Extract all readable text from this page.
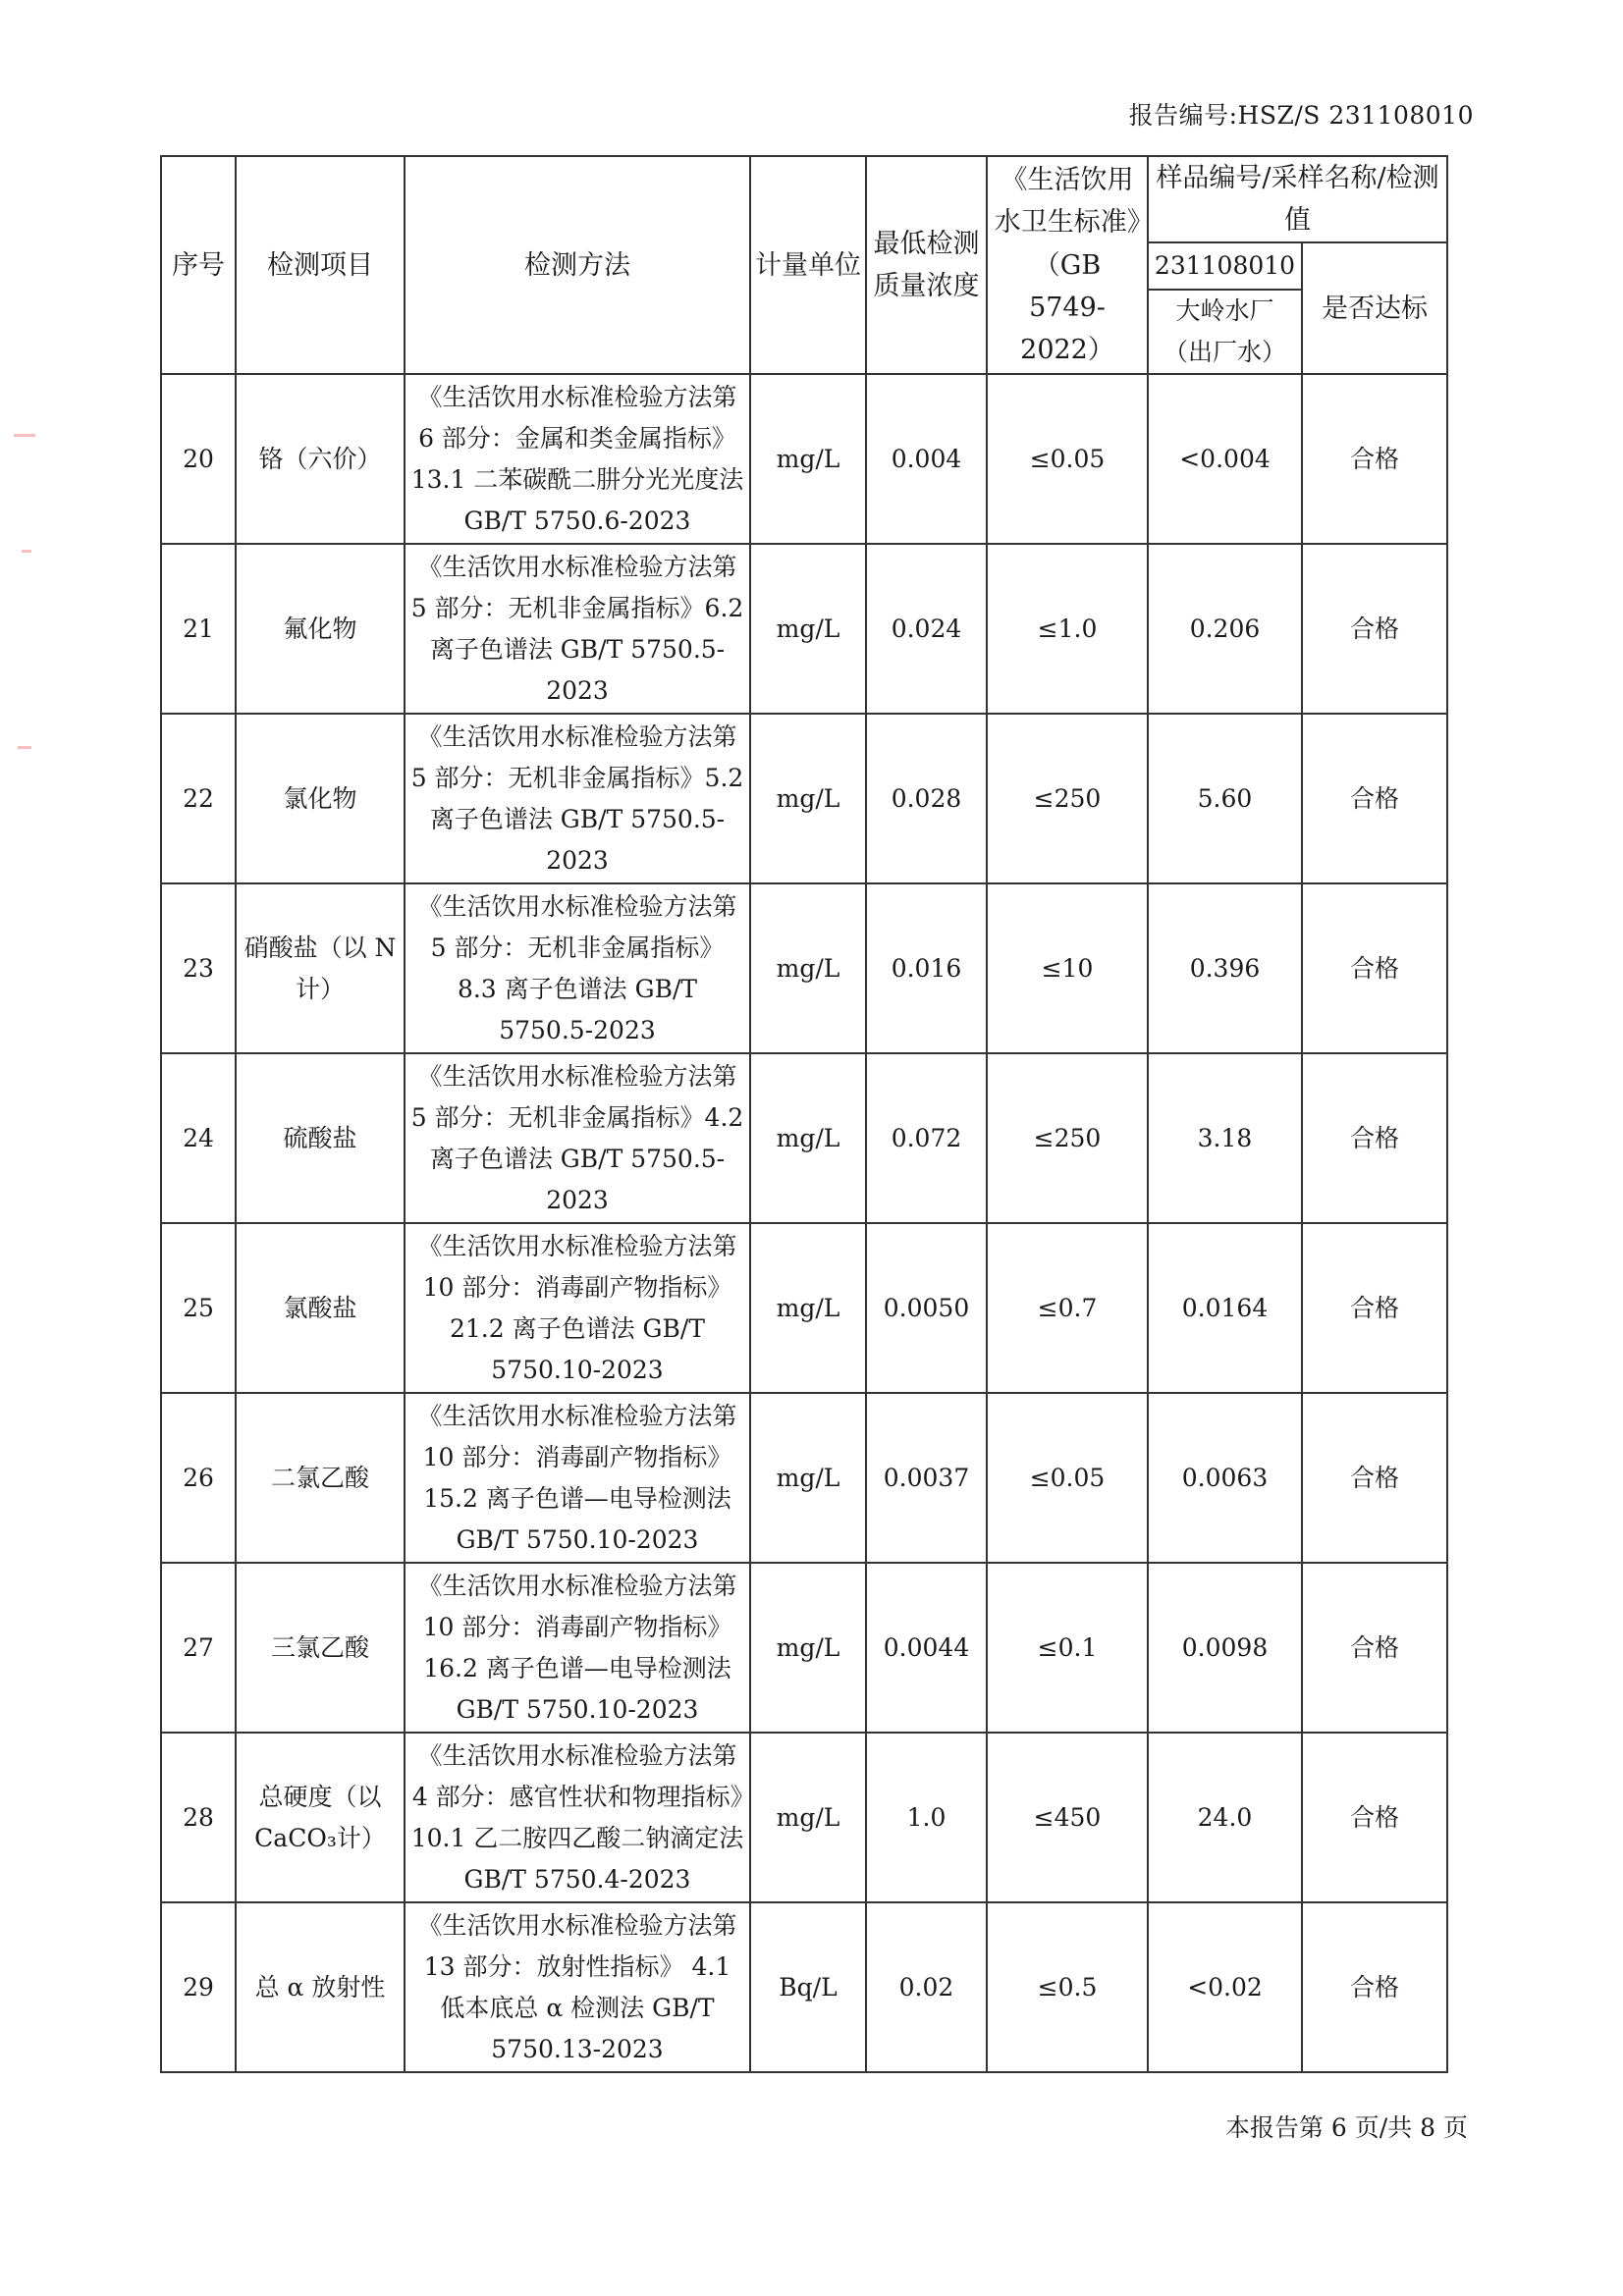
报告编号:HSZ/S 231108010
序号	检测项目	检测方法	计量单位	最低检测质量浓度	《生活饮用水卫生标准》（GB 5749-2022）	样品编号/采样名称/检测值	
						231108010	是否达标
						大岭水厂（出厂水）	
20	铬（六价）	《生活饮用水标准检验方法第 6 部分：金属和类金属指标》13.1 二苯碳酰二肼分光光度法 GB/T 5750.6-2023	mg/L	0.004	≤0.05	<0.004	合格
21	氟化物	《生活饮用水标准检验方法第 5 部分：无机非金属指标》6.2 离子色谱法 GB/T 5750.5-2023	mg/L	0.024	≤1.0	0.206	合格
22	氯化物	《生活饮用水标准检验方法第 5 部分：无机非金属指标》5.2 离子色谱法 GB/T 5750.5-2023	mg/L	0.028	≤250	5.60	合格
23	硝酸盐（以 N 计）	《生活饮用水标准检验方法第 5 部分：无机非金属指标》 8.3 离子色谱法 GB/T 5750.5-2023	mg/L	0.016	≤10	0.396	合格
24	硫酸盐	《生活饮用水标准检验方法第 5 部分：无机非金属指标》4.2 离子色谱法 GB/T 5750.5-2023	mg/L	0.072	≤250	3.18	合格
25	氯酸盐	《生活饮用水标准检验方法第 10 部分：消毒副产物指标》21.2 离子色谱法 GB/T 5750.10-2023	mg/L	0.0050	≤0.7	0.0164	合格
26	二氯乙酸	《生活饮用水标准检验方法第 10 部分：消毒副产物指标》 15.2 离子色谱—电导检测法 GB/T 5750.10-2023	mg/L	0.0037	≤0.05	0.0063	合格
27	三氯乙酸	《生活饮用水标准检验方法第 10 部分：消毒副产物指标》 16.2 离子色谱—电导检测法 GB/T 5750.10-2023	mg/L	0.0044	≤0.1	0.0098	合格
28	总硬度（以 CaCO₃计）	《生活饮用水标准检验方法第 4 部分：感官性状和物理指标》10.1 乙二胺四乙酸二钠滴定法 GB/T 5750.4-2023	mg/L	1.0	≤450	24.0	合格
29	总 α 放射性	《生活饮用水标准检验方法第 13 部分：放射性指标》 4.1 低本底总 α 检测法 GB/T 5750.13-2023	Bq/L	0.02	≤0.5	<0.02	合格
本报告第 6 页/共 8 页
